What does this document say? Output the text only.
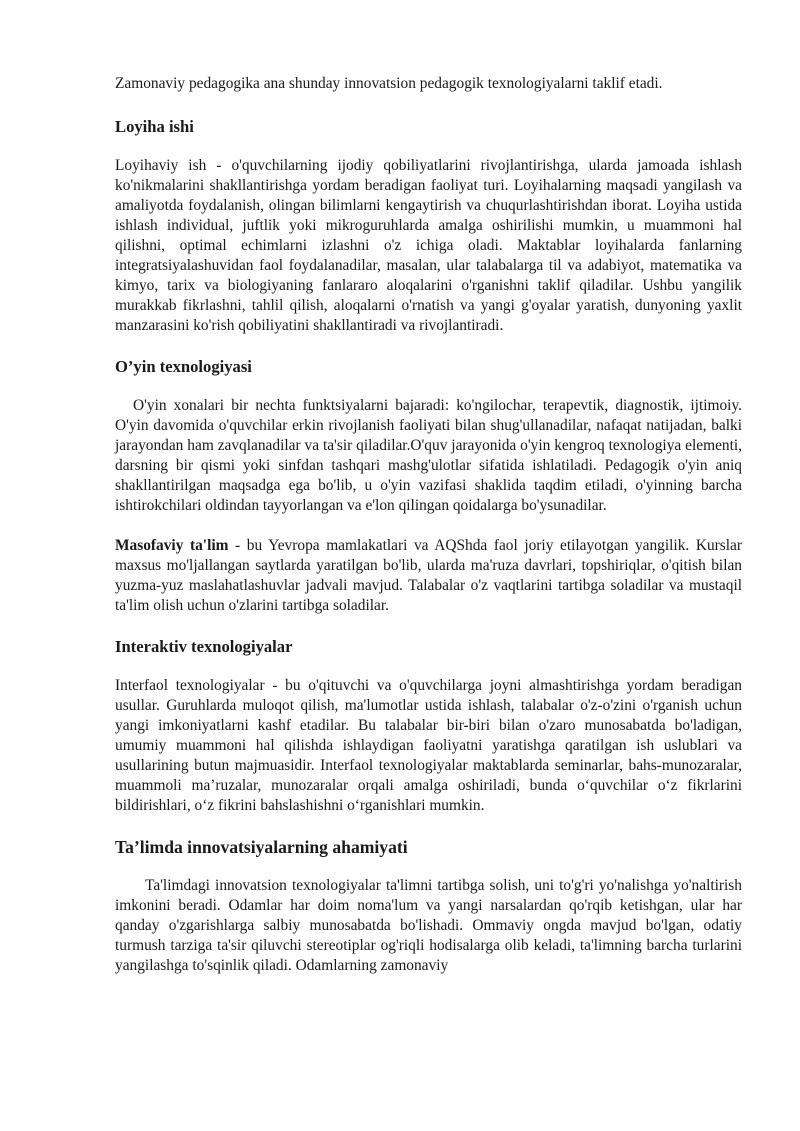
Zamonaviy pedagogika ana shunday innovatsion pedagogik texnologiyalarni taklif etadi.

Loyiha ishi

Loyihaviy ish - o'quvchilarning ijodiy qobiliyatlarini rivojlantirishga, ularda jamoada ishlash ko'nikmalarini shakllantirishga yordam beradigan faoliyat turi. Loyihalarning maqsadi yangilash va amaliyotda foydalanish, olingan bilimlarni kengaytirish va chuqurlashtirishdan iborat. Loyiha ustida ishlash individual, juftlik yoki mikroguruhlarda amalga oshirilishi mumkin, u muammoni hal qilishni, optimal echimlarni izlashni o'z ichiga oladi. Maktablar loyihalarda fanlarning integratsiyalashuvidan faol foydalanadilar, masalan, ular talabalarga til va adabiyot, matematika va kimyo, tarix va biologiyaning fanlararo aloqalarini o'rganishni taklif qiladilar. Ushbu yangilik murakkab fikrlashni, tahlil qilish, aloqalarni o'rnatish va yangi g'oyalar yaratish, dunyoning yaxlit manzarasini ko'rish qobiliyatini shakllantiradi va rivojlantiradi.

O’yin texnologiyasi

O'yin xonalari bir nechta funktsiyalarni bajaradi: ko'ngilochar, terapevtik, diagnostik, ijtimoiy. O'yin davomida o'quvchilar erkin rivojlanish faoliyati bilan shug'ullanadilar, nafaqat natijadan, balki jarayondan ham zavqlanadilar va ta'sir qiladilar.O'quv jarayonida o'yin kengroq texnologiya elementi, darsning bir qismi yoki sinfdan tashqari mashg'ulotlar sifatida ishlatiladi. Pedagogik o'yin aniq shakllantirilgan maqsadga ega bo'lib, u o'yin vazifasi shaklida taqdim etiladi, o'yinning barcha ishtirokchilari oldindan tayyorlangan va e'lon qilingan qoidalarga bo'ysunadilar.

Masofaviy ta'lim - bu Yevropa mamlakatlari va AQShda faol joriy etilayotgan yangilik. Kurslar maxsus mo'ljallangan saytlarda yaratilgan bo'lib, ularda ma'ruza davrlari, topshiriqlar, o'qitish bilan yuzma-yuz maslahatlashuvlar jadvali mavjud. Talabalar o'z vaqtlarini tartibga soladilar va mustaqil ta'lim olish uchun o'zlarini tartibga soladilar.

Interaktiv texnologiyalar

Interfaol texnologiyalar - bu o'qituvchi va o'quvchilarga joyni almashtirishga yordam beradigan usullar. Guruhlarda muloqot qilish, ma'lumotlar ustida ishlash, talabalar o'z-o'zini o'rganish uchun yangi imkoniyatlarni kashf etadilar. Bu talabalar bir-biri bilan o'zaro munosabatda bo'ladigan, umumiy muammoni hal qilishda ishlaydigan faoliyatni yaratishga qaratilgan ish uslublari va usullarining butun majmuasidir. Interfaol texnologiyalar maktablarda seminarlar, bahs-munozaralar, muammoli ma’ruzalar, munozaralar orqali amalga oshiriladi, bunda o‘quvchilar o‘z fikrlarini bildirishlari, o‘z fikrini bahslashishni o‘rganishlari mumkin.

Ta’limda innovatsiyalarning ahamiyati

Ta'limdagi innovatsion texnologiyalar ta'limni tartibga solish, uni to'g'ri yo'nalishga yo'naltirish imkonini beradi. Odamlar har doim noma'lum va yangi narsalardan qo'rqib ketishgan, ular har qanday o'zgarishlarga salbiy munosabatda bo'lishadi. Ommaviy ongda mavjud bo'lgan, odatiy turmush tarziga ta'sir qiluvchi stereotiplar og'riqli hodisalarga olib keladi, ta'limning barcha turlarini yangilashga to'sqinlik qiladi. Odamlarning zamonaviy
